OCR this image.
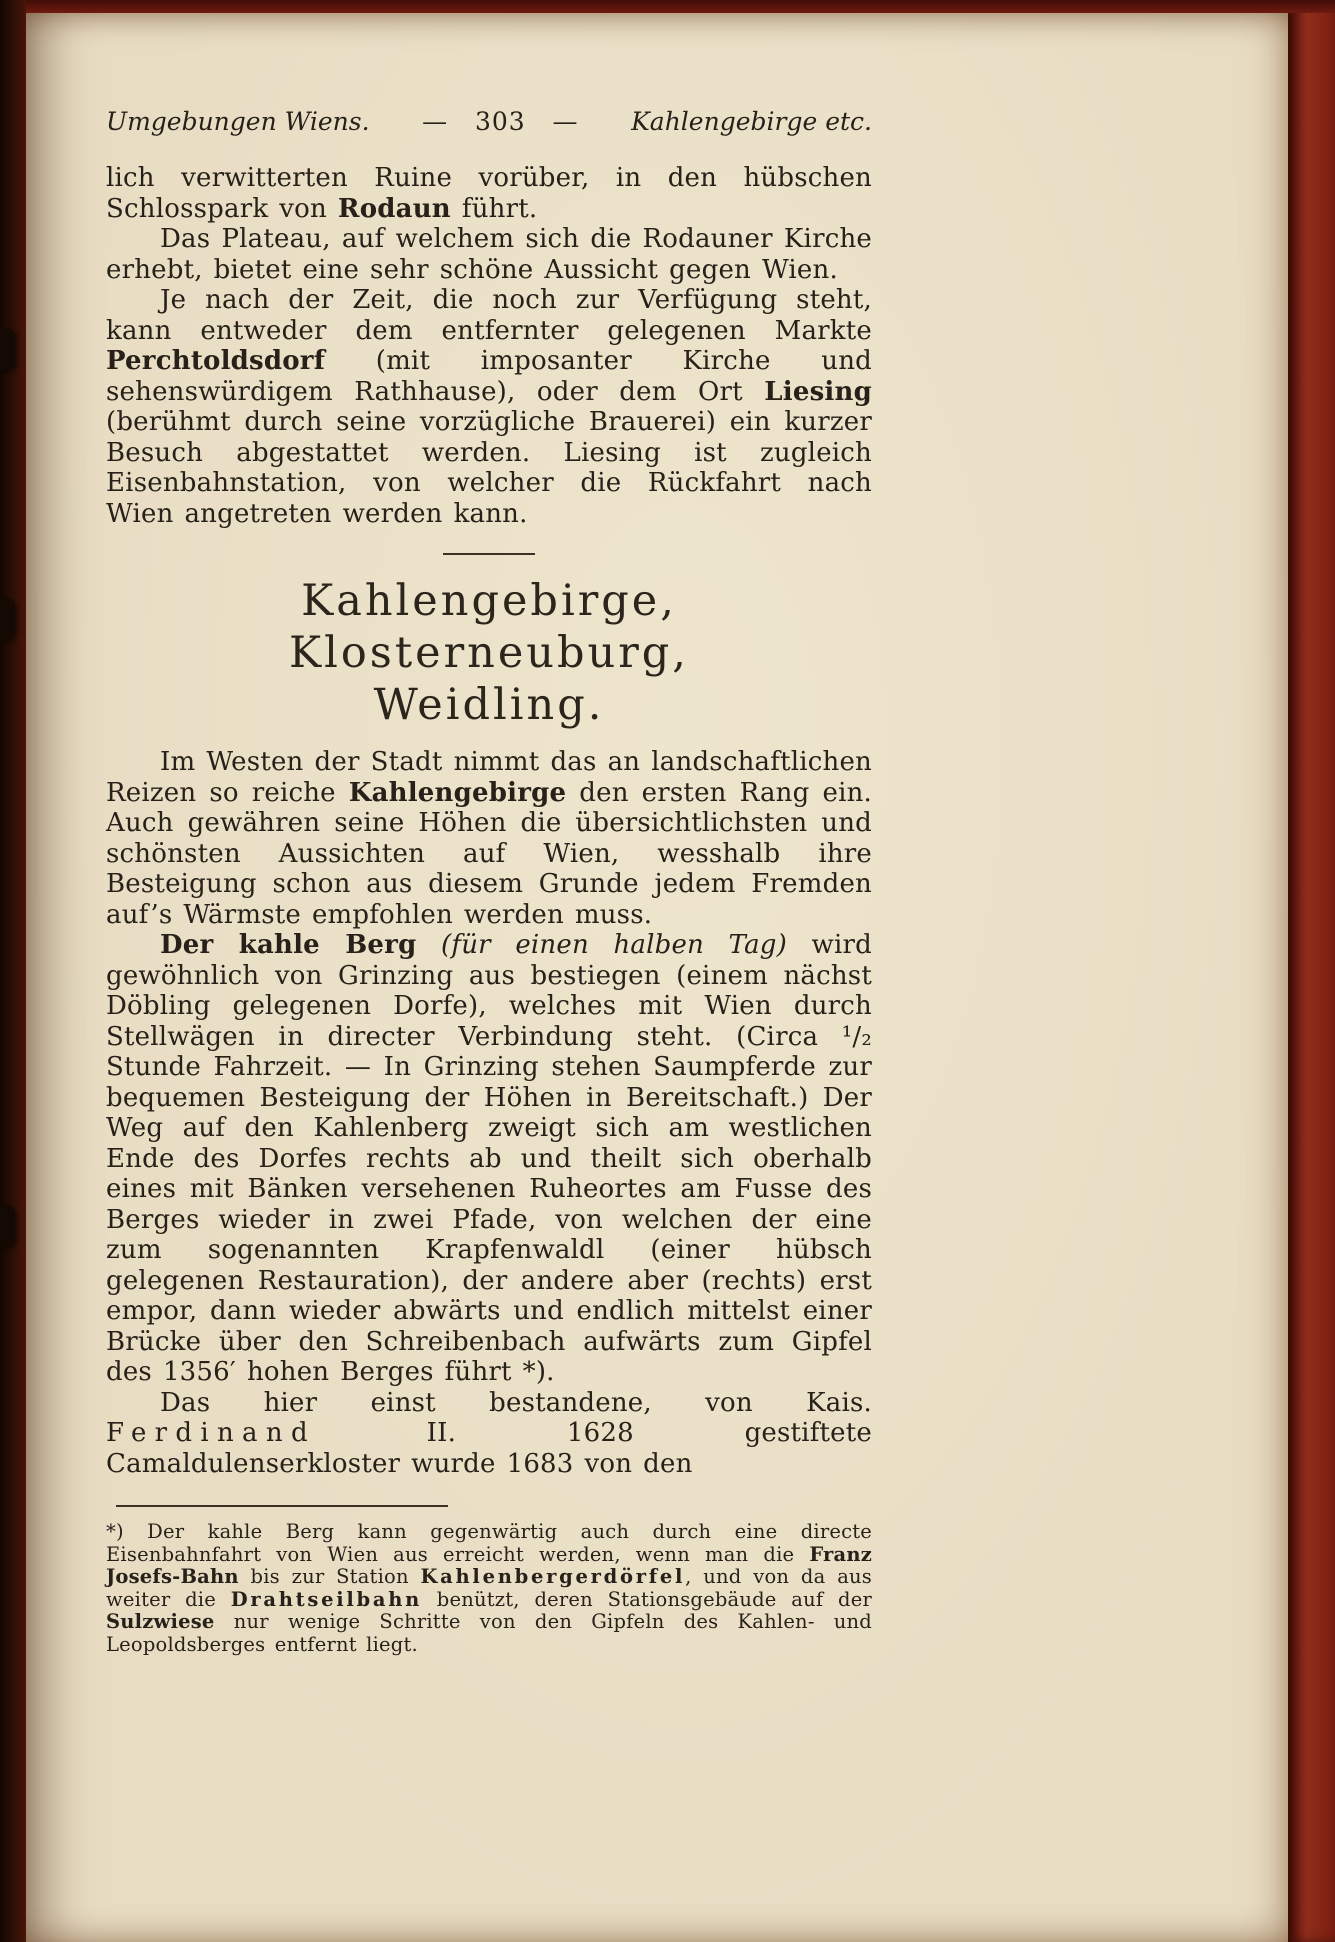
Umgebungen Wiens. —   303   — Kahlengebirge etc.

lich verwitterten Ruine vorüber, in den hübschen Schlosspark von Rodaun führt.

Das Plateau, auf welchem sich die Rodauner Kirche erhebt, bietet eine sehr schöne Aussicht gegen Wien.

Je nach der Zeit, die noch zur Verfügung steht, kann entweder dem entfernter gelegenen Markte Perchtoldsdorf (mit imposanter Kirche und sehenswürdigem Rathhause), oder dem Ort Liesing (berühmt durch seine vorzügliche Brauerei) ein kurzer Besuch abgestattet werden. Liesing ist zugleich Eisenbahnstation, von welcher die Rückfahrt nach Wien angetreten werden kann.

Kahlengebirge, Klosterneuburg,
Weidling.

Im Westen der Stadt nimmt das an landschaftlichen Reizen so reiche Kahlengebirge den ersten Rang ein. Auch gewähren seine Höhen die übersichtlichsten und schönsten Aussichten auf Wien, wesshalb ihre Besteigung schon aus diesem Grunde jedem Fremden auf’s Wärmste empfohlen werden muss.

Der kahle Berg (für einen halben Tag) wird gewöhnlich von Grinzing aus bestiegen (einem nächst Döbling gelegenen Dorfe), welches mit Wien durch Stellwägen in directer Verbindung steht. (Circa ¹/₂ Stunde Fahrzeit. — In Grinzing stehen Saumpferde zur bequemen Besteigung der Höhen in Bereitschaft.) Der Weg auf den Kahlenberg zweigt sich am westlichen Ende des Dorfes rechts ab und theilt sich oberhalb eines mit Bänken versehenen Ruheortes am Fusse des Berges wieder in zwei Pfade, von welchen der eine zum sogenannten Krapfenwaldl (einer hübsch gelegenen Restauration), der andere aber (rechts) erst empor, dann wieder abwärts und endlich mittelst einer Brücke über den Schreibenbach aufwärts zum Gipfel des 1356′ hohen Berges führt *).

Das hier einst bestandene, von Kais. Ferdinand II. 1628 gestiftete Camaldulenserkloster wurde 1683 von den

*) Der kahle Berg kann gegenwärtig auch durch eine directe Eisenbahnfahrt von Wien aus erreicht werden, wenn man die Franz Josefs-Bahn bis zur Station Kahlenbergerdörfel, und von da aus weiter die Drahtseilbahn benützt, deren Stationsgebäude auf der Sulzwiese nur wenige Schritte von den Gipfeln des Kahlen- und Leopoldsberges entfernt liegt.
